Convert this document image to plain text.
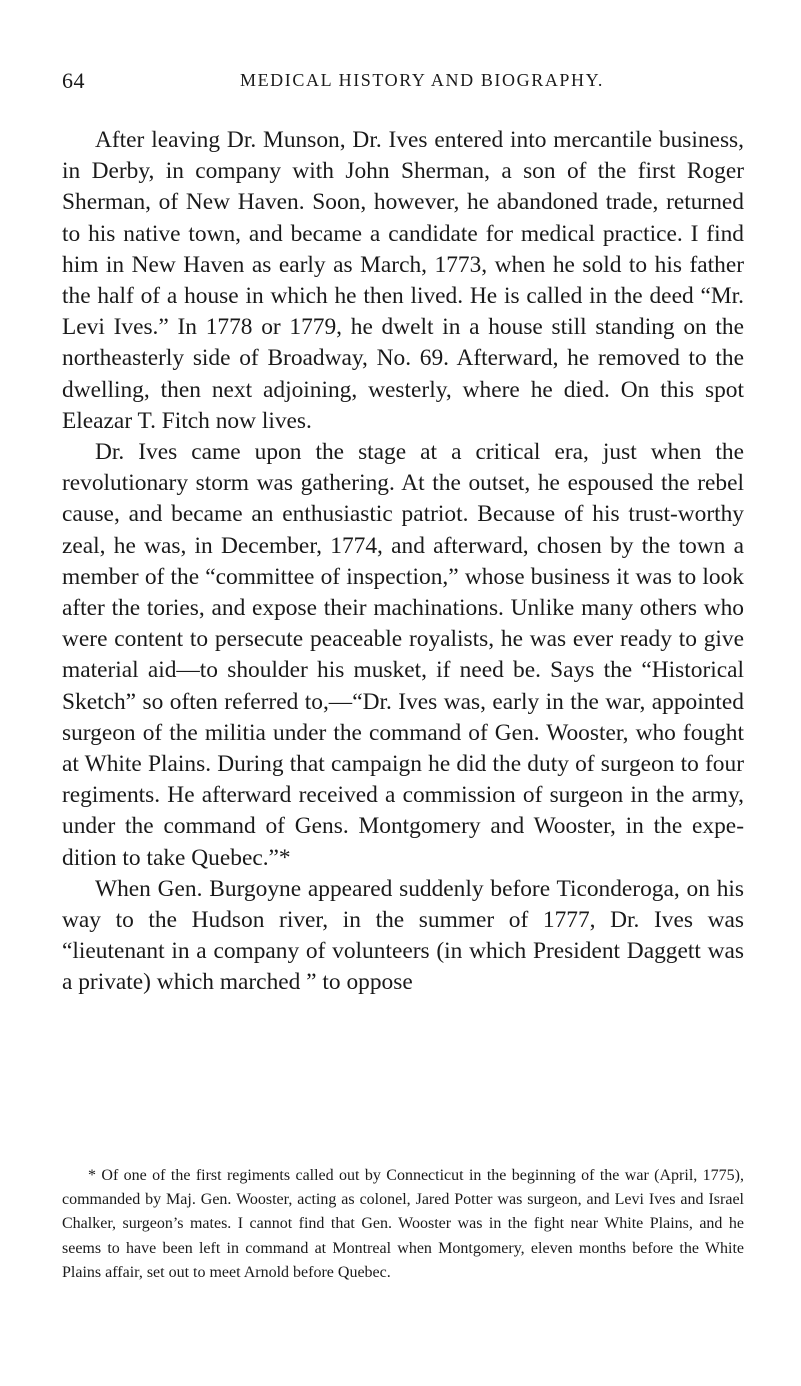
64	MEDICAL HISTORY AND BIOGRAPHY.

After leaving Dr. Munson, Dr. Ives entered into mercantile business, in Derby, in company with John Sherman, a son of the first Roger Sherman, of New Haven. Soon, however, he abandoned trade, returned to his native town, and became a candidate for medical practice. I find him in New Haven as early as March, 1773, when he sold to his father the half of a house in which he then lived. He is called in the deed “Mr. Levi Ives.” In 1778 or 1779, he dwelt in a house still standing on the northeasterly side of Broadway, No. 69. Afterward, he removed to the dwelling, then next adjoining, westerly, where he died. On this spot Eleazar T. Fitch now lives.

Dr. Ives came upon the stage at a critical era, just when the revolutionary storm was gathering. At the outset, he espoused the rebel cause, and became an enthusiastic patriot. Because of his trust-worthy zeal, he was, in December, 1774, and afterward, chosen by the town a member of the “committee of inspection,” whose business it was to look after the tories, and expose their machinations. Unlike many others who were content to persecute peaceable royalists, he was ever ready to give material aid—to shoulder his musket, if need be. Says the “Historical Sketch” so often referred to,—“Dr. Ives was, early in the war, appointed surgeon of the militia under the command of Gen. Wooster, who fought at White Plains. During that campaign he did the duty of surgeon to four regiments. He afterward received a commission of surgeon in the army, under the command of Gens. Montgomery and Wooster, in the expedition to take Quebec.”*

When Gen. Burgoyne appeared suddenly before Ticonderoga, on his way to the Hudson river, in the summer of 1777, Dr. Ives was “lieutenant in a company of volunteers (in which President Daggett was a private) which marched ” to oppose

* Of one of the first regiments called out by Connecticut in the beginning of the war (April, 1775), commanded by Maj. Gen. Wooster, acting as colonel, Jared Potter was surgeon, and Levi Ives and Israel Chalker, surgeon’s mates. I cannot find that Gen. Wooster was in the fight near White Plains, and he seems to have been left in command at Montreal when Montgomery, eleven months before the White Plains affair, set out to meet Arnold before Quebec.
